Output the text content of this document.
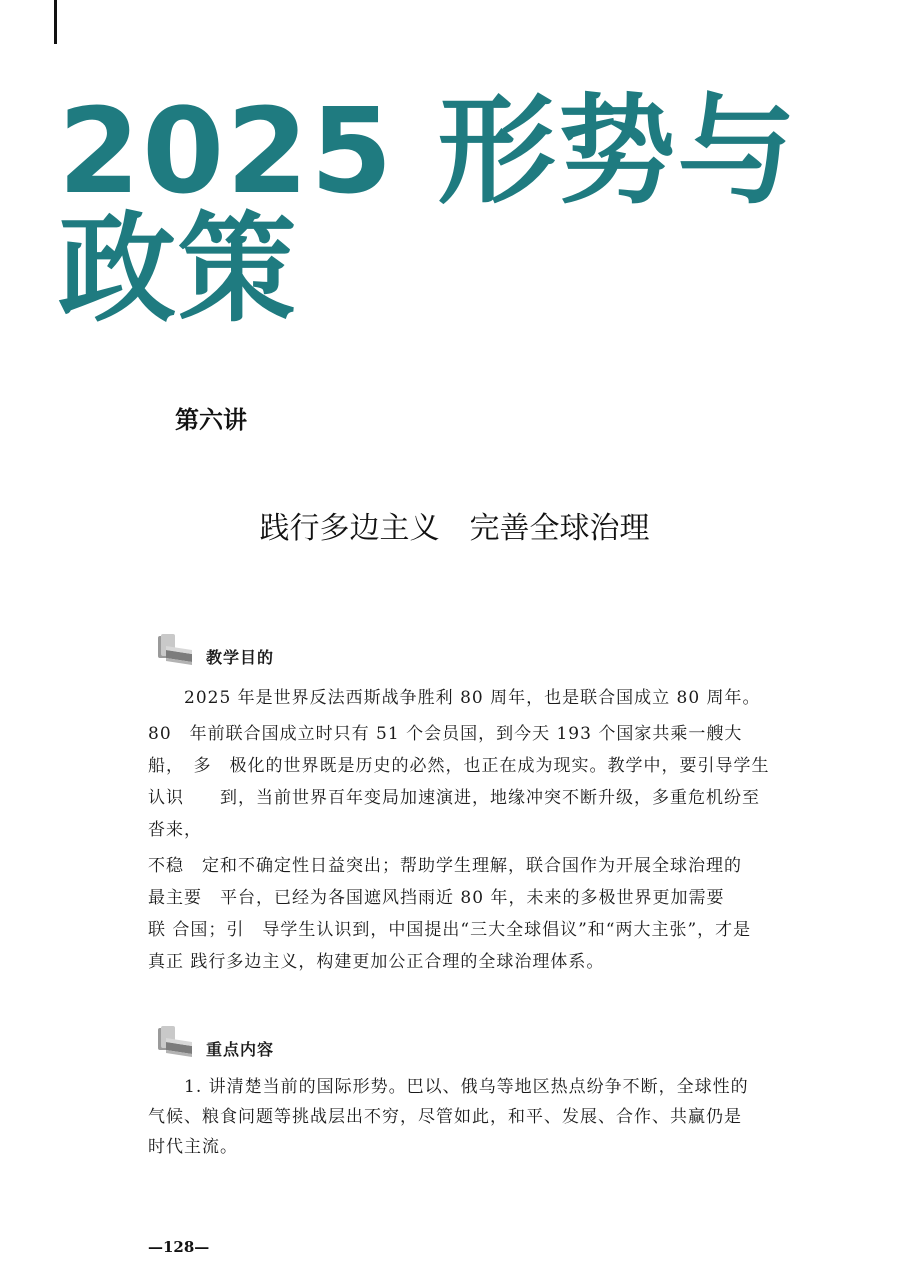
2025 形势与
政策
第六讲
践行多边主义　完善全球治理
教学目的
　　2025 年是世界反法西斯战争胜利 80 周年，也是联合国成立 80 周年。
80　年前联合国成立时只有 51 个会员国，到今天 193 个国家共乘一艘大
船，　多　极化的世界既是历史的必然，也正在成为现实。教学中，要引导学生
认识　　到，当前世界百年变局加速演进，地缘冲突不断升级，多重危机纷至
沓来，
不稳　定和不确定性日益突出；帮助学生理解，联合国作为开展全球治理的
最主要　平台，已经为各国遮风挡雨近 80 年，未来的多极世界更加需要
联 合国；引　导学生认识到，中国提出“三大全球倡议”和“两大主张”，才是
真正 践行多边主义，构建更加公正合理的全球治理体系。
重点内容
　　1. 讲清楚当前的国际形势。巴以、俄乌等地区热点纷争不断，全球性的
气候、粮食问题等挑战层出不穷，尽管如此，和平、发展、合作、共赢仍是
时代主流。
—128—
